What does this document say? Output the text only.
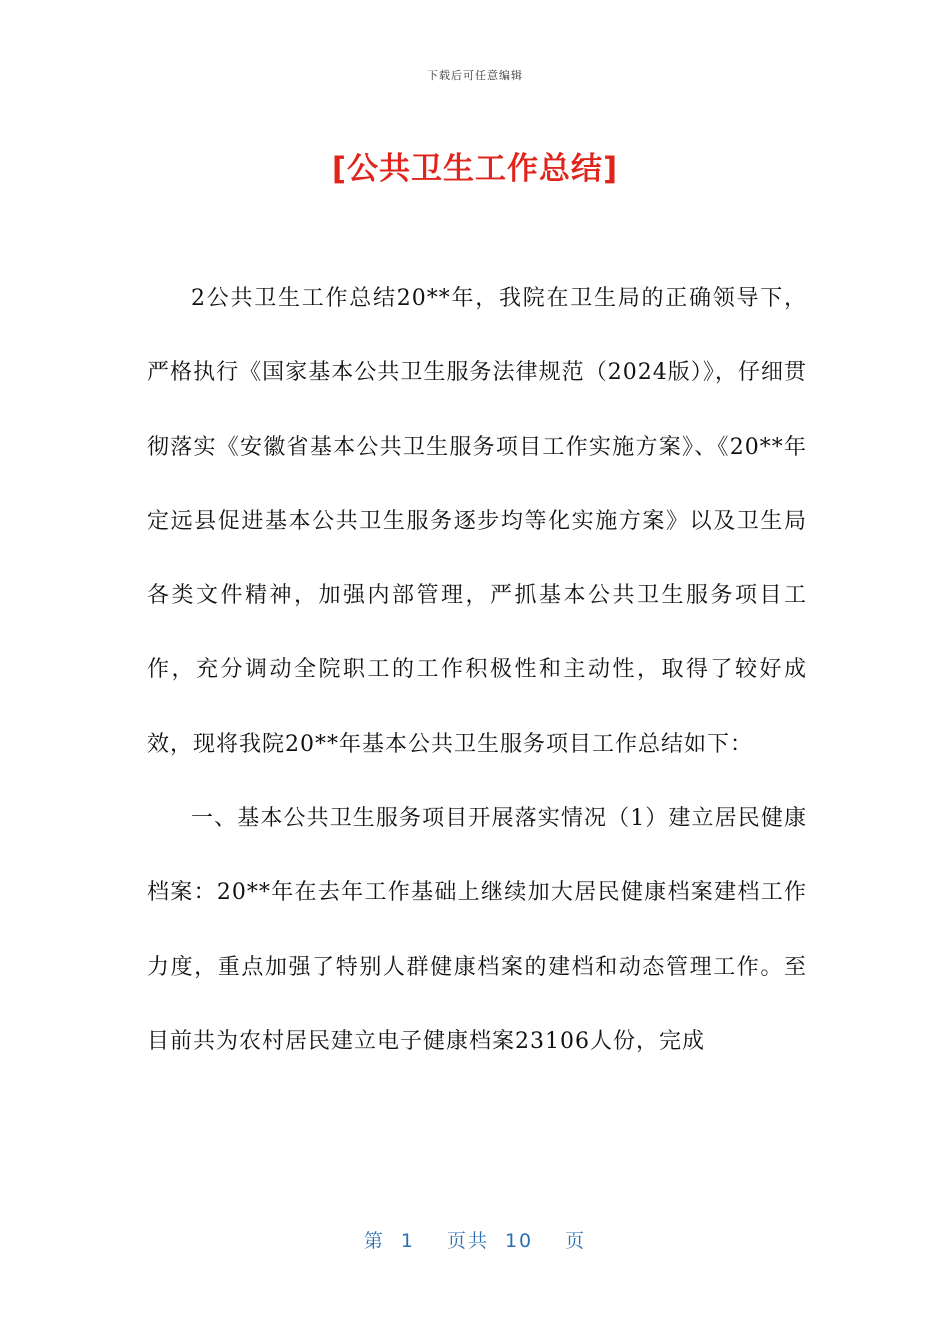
下载后可任意编辑
[公共卫生工作总结]

2公共卫生工作总结20**年，我院在卫生局的正确领导下，严格执行《国家基本公共卫生服务法律规范（2024版）》，仔细贯彻落实《安徽省基本公共卫生服务项目工作实施方案》、《20**年定远县促进基本公共卫生服务逐步均等化实施方案》以及卫生局各类文件精神，加强内部管理，严抓基本公共卫生服务项目工作，充分调动全院职工的工作积极性和主动性，取得了较好成效，现将我院20**年基本公共卫生服务项目工作总结如下：

一、基本公共卫生服务项目开展落实情况（1）建立居民健康档案：20**年在去年工作基础上继续加大居民健康档案建档工作力度，重点加强了特别人群健康档案的建档和动态管理工作。至目前共为农村居民建立电子健康档案23106人份，完成

第 1 页共 10 页
